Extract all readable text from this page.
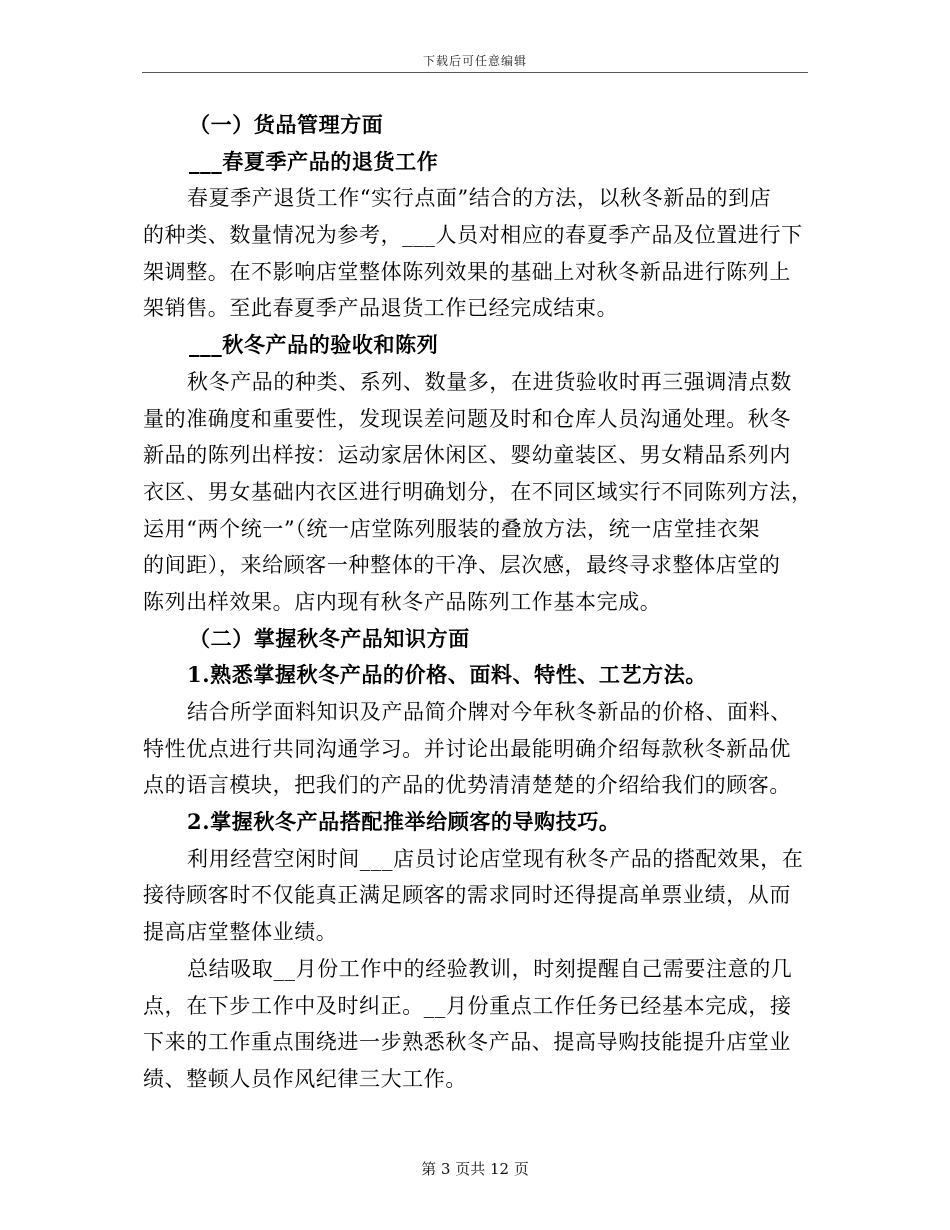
下载后可任意编辑
（一）货品管理方面
___春夏季产品的退货工作
春夏季产退货工作“实行点面”结合的方法，以秋冬新品的到店
的种类、数量情况为参考，___人员对相应的春夏季产品及位置进行下
架调整。在不影响店堂整体陈列效果的基础上对秋冬新品进行陈列上
架销售。至此春夏季产品退货工作已经完成结束。
___秋冬产品的验收和陈列
秋冬产品的种类、系列、数量多，在进货验收时再三强调清点数
量的准确度和重要性，发现误差问题及时和仓库人员沟通处理。秋冬
新品的陈列出样按：运动家居休闲区、婴幼童装区、男女精品系列内
衣区、男女基础内衣区进行明确划分，在不同区域实行不同陈列方法，
运用“两个统一”（统一店堂陈列服装的叠放方法，统一店堂挂衣架
的间距），来给顾客一种整体的干净、层次感，最终寻求整体店堂的
陈列出样效果。店内现有秋冬产品陈列工作基本完成。
（二）掌握秋冬产品知识方面
1.熟悉掌握秋冬产品的价格、面料、特性、工艺方法。
结合所学面料知识及产品简介牌对今年秋冬新品的价格、面料、
特性优点进行共同沟通学习。并讨论出最能明确介绍每款秋冬新品优
点的语言模块，把我们的产品的优势清清楚楚的介绍给我们的顾客。
2.掌握秋冬产品搭配推举给顾客的导购技巧。
利用经营空闲时间___店员讨论店堂现有秋冬产品的搭配效果，在
接待顾客时不仅能真正满足顾客的需求同时还得提高单票业绩，从而
提高店堂整体业绩。
总结吸取__月份工作中的经验教训，时刻提醒自己需要注意的几
点，在下步工作中及时纠正。__月份重点工作任务已经基本完成，接
下来的工作重点围绕进一步熟悉秋冬产品、提高导购技能提升店堂业
绩、整顿人员作风纪律三大工作。
第 3 页共 12 页
